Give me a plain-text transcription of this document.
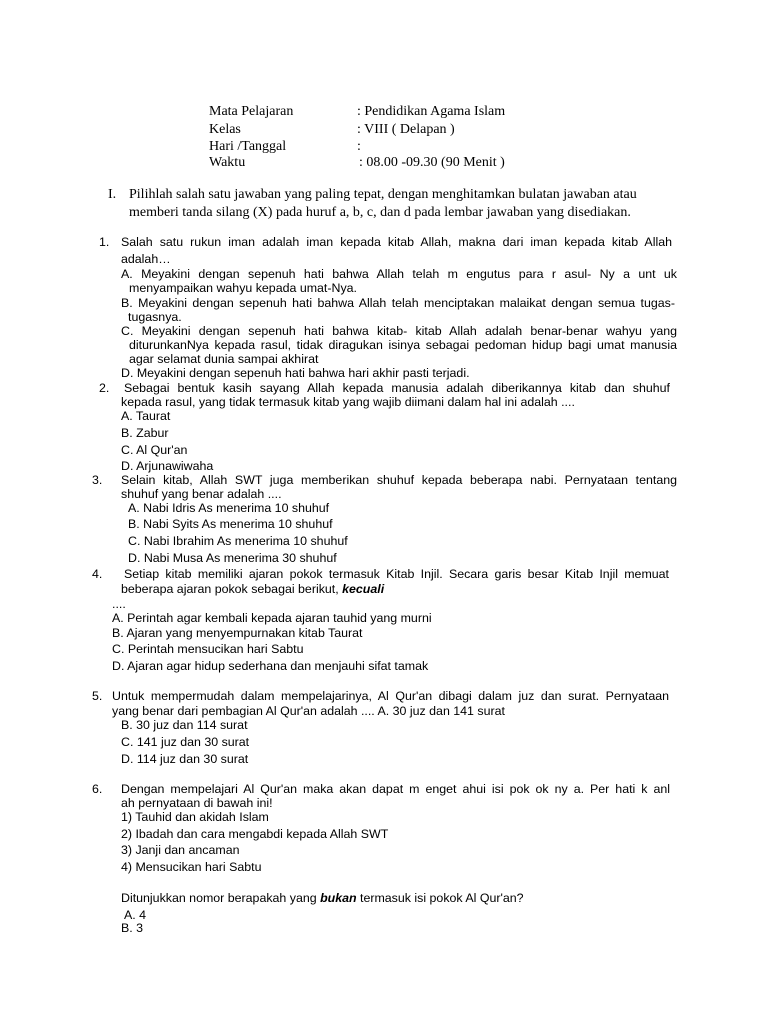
Mata Pelajaran	: Pendidikan Agama Islam
Kelas	: VIII ( Delapan )
Hari /Tanggal	:
Waktu	: 08.00 -09.30 (90 Menit )
I. Pilihlah salah satu jawaban yang paling tepat, dengan menghitamkan bulatan jawaban atau
memberi tanda silang (X) pada huruf a, b, c, dan d pada lembar jawaban yang disediakan.
1. Salah satu rukun iman adalah iman kepada kitab Allah, makna dari iman kepada kitab Allah
adalah…
A. Meyakini dengan sepenuh hati bahwa Allah telah m engutus para r asul- Ny a unt uk
menyampaikan wahyu kepada umat-Nya.
B. Meyakini dengan sepenuh hati bahwa Allah telah menciptakan malaikat dengan semua tugas-
tugasnya.
C. Meyakini dengan sepenuh hati bahwa kitab- kitab Allah adalah benar-benar wahyu yang
diturunkanNya kepada rasul, tidak diragukan isinya sebagai pedoman hidup bagi umat manusia
agar selamat dunia sampai akhirat
D. Meyakini dengan sepenuh hati bahwa hari akhir pasti terjadi.
2. Sebagai bentuk kasih sayang Allah kepada manusia adalah diberikannya kitab dan shuhuf
kepada rasul, yang tidak termasuk kitab yang wajib diimani dalam hal ini adalah ....
A. Taurat
B. Zabur
C. Al Qur'an
D. Arjunawiwaha
3. Selain kitab, Allah SWT juga memberikan shuhuf kepada beberapa nabi. Pernyataan tentang
shuhuf yang benar adalah ....
A. Nabi Idris As menerima 10 shuhuf
B. Nabi Syits As menerima 10 shuhuf
C. Nabi Ibrahim As menerima 10 shuhuf
D. Nabi Musa As menerima 30 shuhuf
4. Setiap kitab memiliki ajaran pokok termasuk Kitab Injil. Secara garis besar Kitab Injil memuat
beberapa ajaran pokok sebagai berikut, kecuali
....
A. Perintah agar kembali kepada ajaran tauhid yang murni
B. Ajaran yang menyempurnakan kitab Taurat
C. Perintah mensucikan hari Sabtu
D. Ajaran agar hidup sederhana dan menjauhi sifat tamak
5. Untuk mempermudah dalam mempelajarinya, Al Qur'an dibagi dalam juz dan surat. Pernyataan
yang benar dari pembagian Al Qur'an adalah .... A. 30 juz dan 141 surat
B. 30 juz dan 114 surat
C. 141 juz dan 30 surat
D. 114 juz dan 30 surat
6. Dengan mempelajari Al Qur'an maka akan dapat m enget ahui isi pok ok ny a. Per hati k anl
ah pernyataan di bawah ini!
1) Tauhid dan akidah Islam
2) Ibadah dan cara mengabdi kepada Allah SWT
3) Janji dan ancaman
4) Mensucikan hari Sabtu
Ditunjukkan nomor berapakah yang bukan termasuk isi pokok Al Qur'an?
A. 4
B. 3
